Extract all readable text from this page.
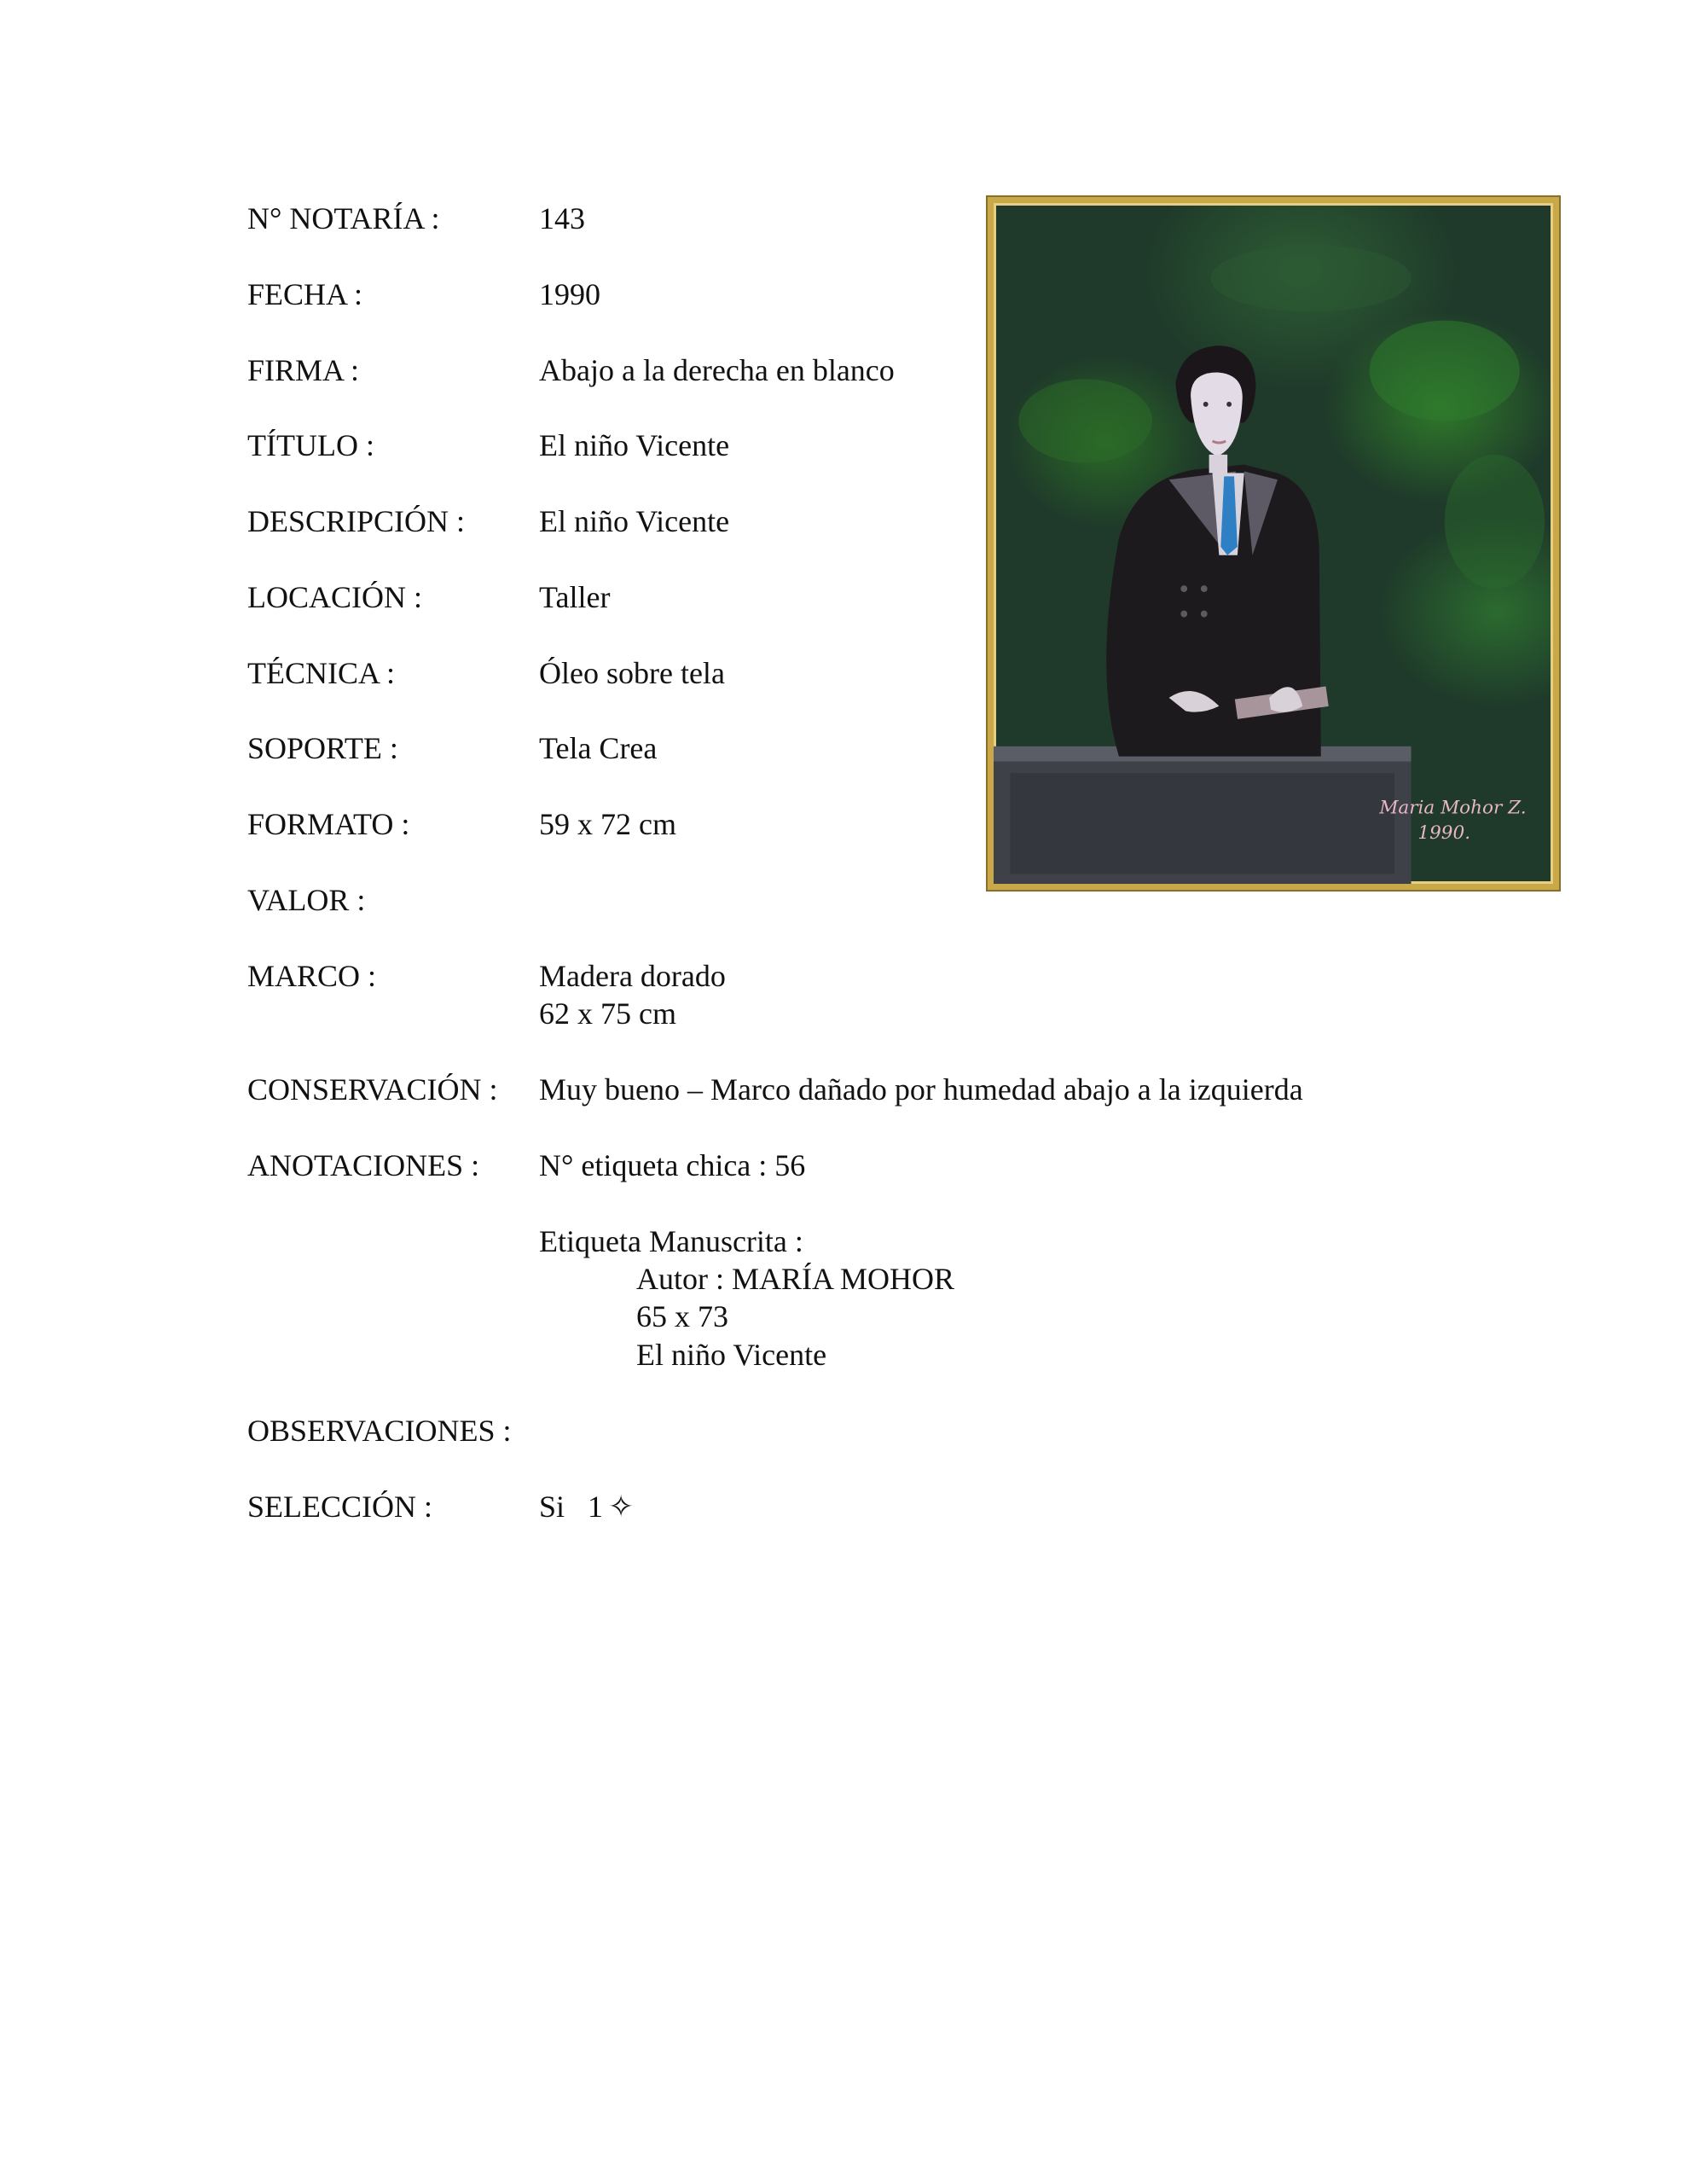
N° NOTARÍA :	143
FECHA :	1990
FIRMA :	Abajo a la derecha en blanco
TÍTULO :	El niño Vicente
DESCRIPCIÓN : El niño Vicente
LOCACIÓN :	Taller
TÉCNICA :	Óleo sobre tela
SOPORTE :	Tela Crea
FORMATO :	59 x 72 cm
VALOR :
MARCO :	Madera dorado
62 x 75 cm
CONSERVACIÓN : Muy bueno – Marco dañado por humedad abajo a la izquierda
ANOTACIONES : N° etiqueta chica : 56
Etiqueta Manuscrita :
Autor : MARÍA MOHOR
65 x 73
El niño Vicente
OBSERVACIONES :
SELECCIÓN :	Si   1 ✧
Maria Mohor Z.
1990.
